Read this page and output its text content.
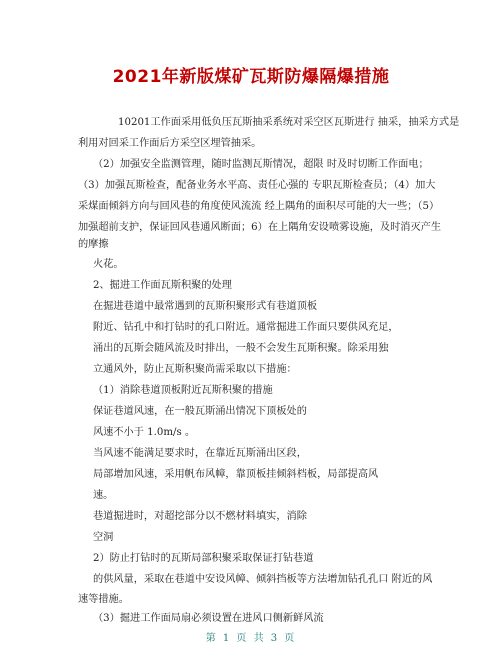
2021年新版煤矿瓦斯防爆隔爆措施
10201工作面采用低负压瓦斯抽采系统对采空区瓦斯进行 抽采，抽采方式是
利用对回采工作面后方采空区埋管抽采。
（2）加强安全监测管理，随时监测瓦斯情况，超限 时及时切断工作面电；
（3）加强瓦斯检查，配备业务水平高、责任心强的 专职瓦斯检查员；（4）加大
采煤面倾斜方向与回风巷的角度使风流流 经上隅角的面积尽可能的大一些；（5）
加强超前支护，保证回风巷通风断面；6）在上隅角安设喷雾设施，及时消灭产生
的摩擦
火花。
2、掘进工作面瓦斯积聚的处理
在掘进巷道中最常遇到的瓦斯积聚形式有巷道顶板
附近、钻孔中和打钻时的孔口附近。通常掘进工作面只要供风充足，
涌出的瓦斯会随风流及时排出，一般不会发生瓦斯积聚。除采用独
立通风外，防止瓦斯积聚尚需采取以下措施：
（1）消除巷道顶板附近瓦斯积聚的措施
保证巷道风速，在一般瓦斯涌出情况下顶板处的
风速不小于 1.0m/s 。
当风速不能满足要求时，在靠近瓦斯涌出区段，
局部增加风速，采用帆布风幛，靠顶板挂倾斜档板，局部提高风
速。
巷道掘进时，对超挖部分以不燃材料填实，消除
空洞
2）防止打钻时的瓦斯局部积聚采取保证打钻巷道
的供风量，采取在巷道中安设风幛、倾斜挡板等方法增加钻孔孔口 附近的风
速等措施。
（3）掘进工作面局扇必须设置在进风口侧新鲜风流
第 1 页 共 3 页
